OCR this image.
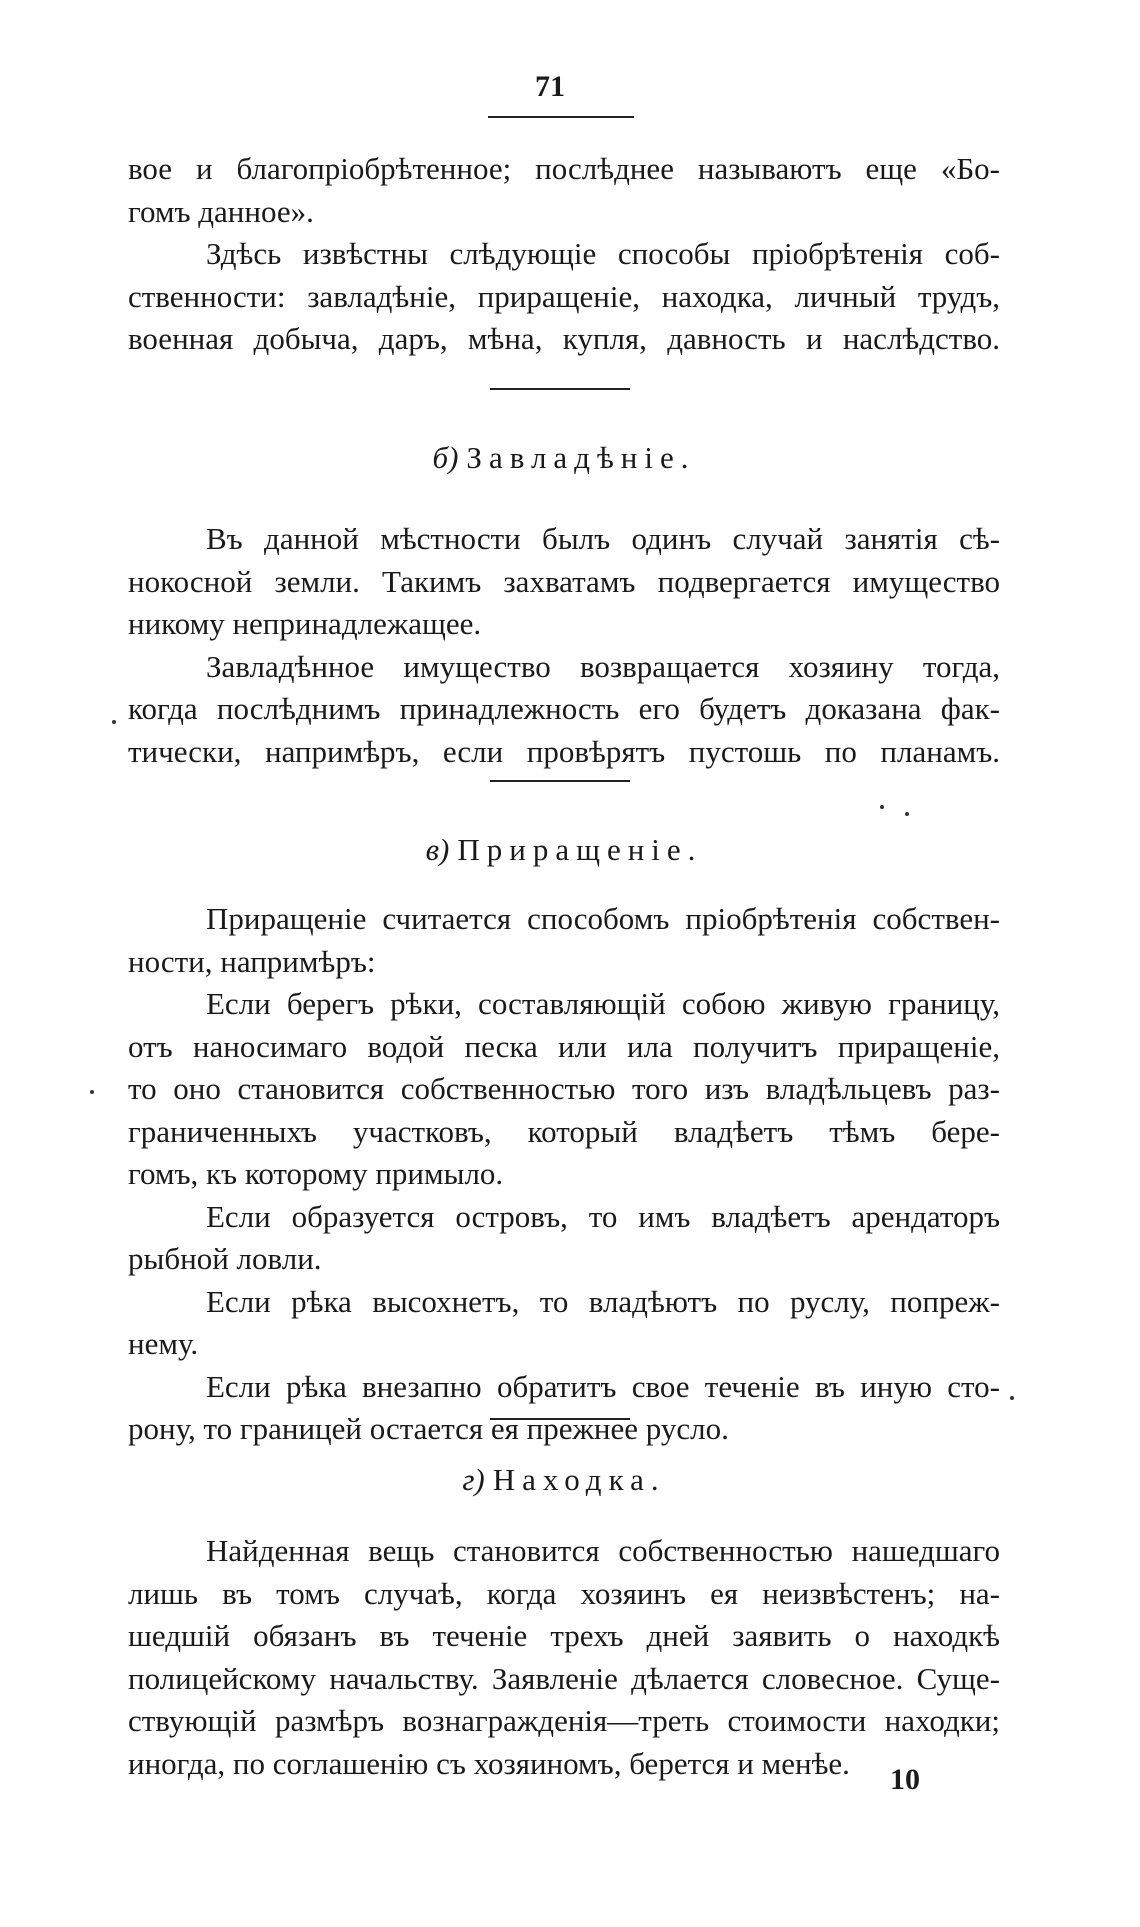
71
вое и благопріобрѣтенное; послѣднее называютъ еще «Бо-
гомъ данное».
Здѣсь извѣстны слѣдующіе способы пріобрѣтенія соб-
ственности: завладѣніе, приращеніе, находка, личный трудъ,
военная добыча, даръ, мѣна, купля, давность и наслѣдство.
б) Завладѣніе.
Въ данной мѣстности былъ одинъ случай занятія сѣ-
нокосной земли. Такимъ захватамъ подвергается имущество
никому непринадлежащее.
Завладѣнное имущество возвращается хозяину тогда,
когда послѣднимъ принадлежность его будетъ доказана фак-
тически, напримѣръ, если провѣрятъ пустошь по планамъ.
в) Приращеніе.
Приращеніе считается способомъ пріобрѣтенія собствен-
ности, напримѣръ:
Если берегъ рѣки, составляющій собою живую границу,
отъ наносимаго водой песка или ила получитъ приращеніе,
то оно становится собственностью того изъ владѣльцевъ раз-
граниченныхъ участковъ, который владѣетъ тѣмъ бере-
гомъ, къ которому примыло.
Если образуется островъ, то имъ владѣетъ арендаторъ
рыбной ловли.
Если рѣка высохнетъ, то владѣютъ по руслу, попреж-
нему.
Если рѣка внезапно обратитъ свое теченіе въ иную сто-
рону, то границей остается ея прежнее русло.
г) Находка.
Найденная вещь становится собственностью нашедшаго
лишь въ томъ случаѣ, когда хозяинъ ея неизвѣстенъ; на-
шедшій обязанъ въ теченіе трехъ дней заявить о находкѣ
полицейскому начальству. Заявленіе дѣлается словесное. Суще-
ствующій размѣръ вознагражденія—треть стоимости находки;
иногда, по соглашенію съ хозяиномъ, берется и менѣе.	10
